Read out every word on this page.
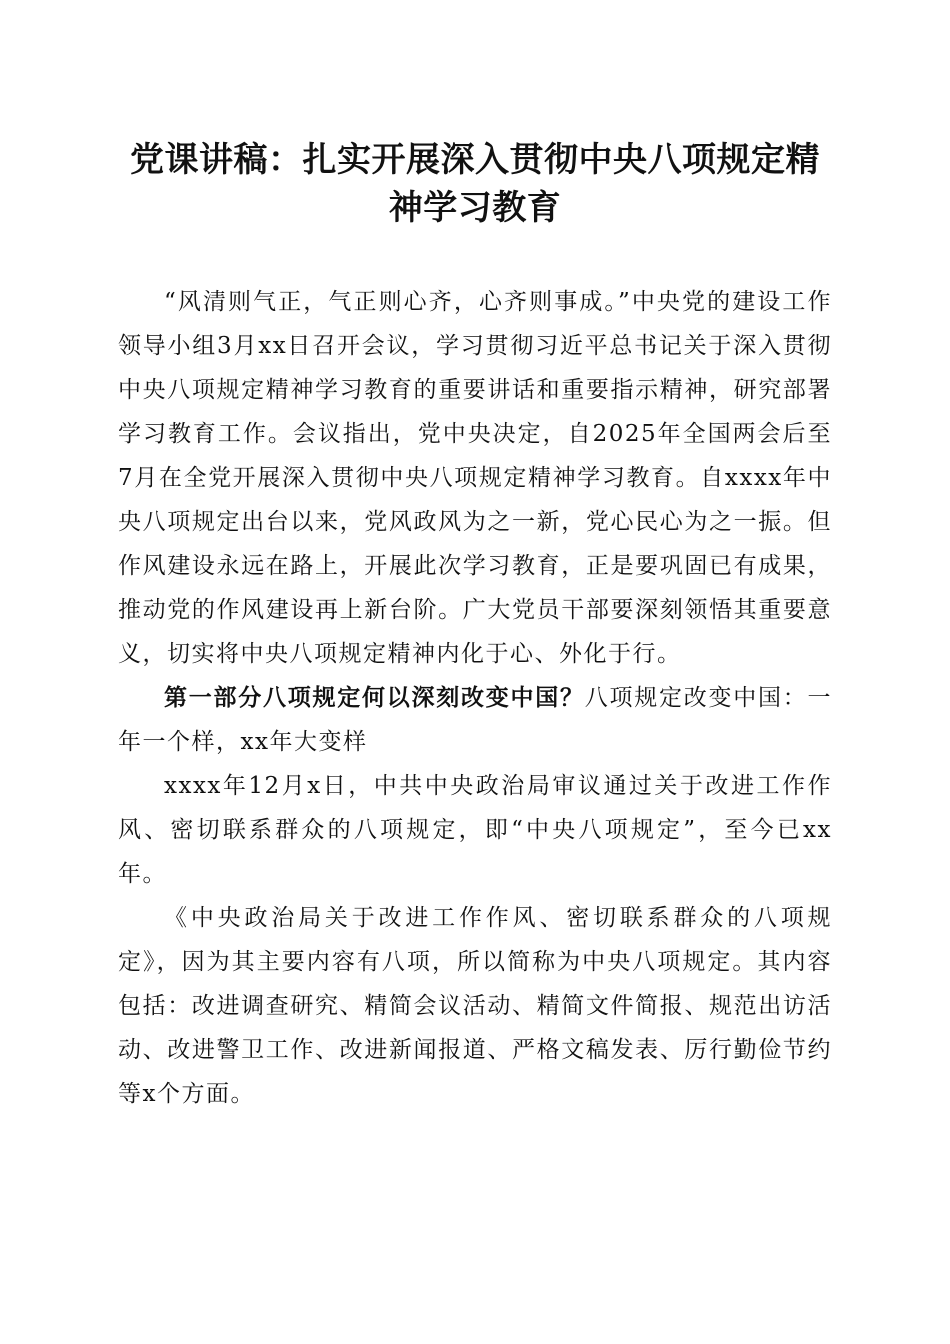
党课讲稿：扎实开展深入贯彻中央八项规定精神学习教育

“风清则气正，气正则心齐，心齐则事成。”中央党的建设工作领导小组3月xx日召开会议，学习贯彻习近平总书记关于深入贯彻中央八项规定精神学习教育的重要讲话和重要指示精神，研究部署学习教育工作。会议指出，党中央决定，自2025年全国两会后至7月在全党开展深入贯彻中央八项规定精神学习教育。自xxxx年中央八项规定出台以来，党风政风为之一新，党心民心为之一振。但作风建设永远在路上，开展此次学习教育，正是要巩固已有成果，推动党的作风建设再上新台阶。广大党员干部要深刻领悟其重要意义，切实将中央八项规定精神内化于心、外化于行。

第一部分八项规定何以深刻改变中国？八项规定改变中国：一年一个样，xx年大变样

xxxx年12月x日，中共中央政治局审议通过关于改进工作作风、密切联系群众的八项规定，即“中央八项规定”，至今已xx年。

《中央政治局关于改进工作作风、密切联系群众的八项规定》，因为其主要内容有八项，所以简称为中央八项规定。其内容包括：改进调查研究、精简会议活动、精简文件简报、规范出访活动、改进警卫工作、改进新闻报道、严格文稿发表、厉行勤俭节约等x个方面。
